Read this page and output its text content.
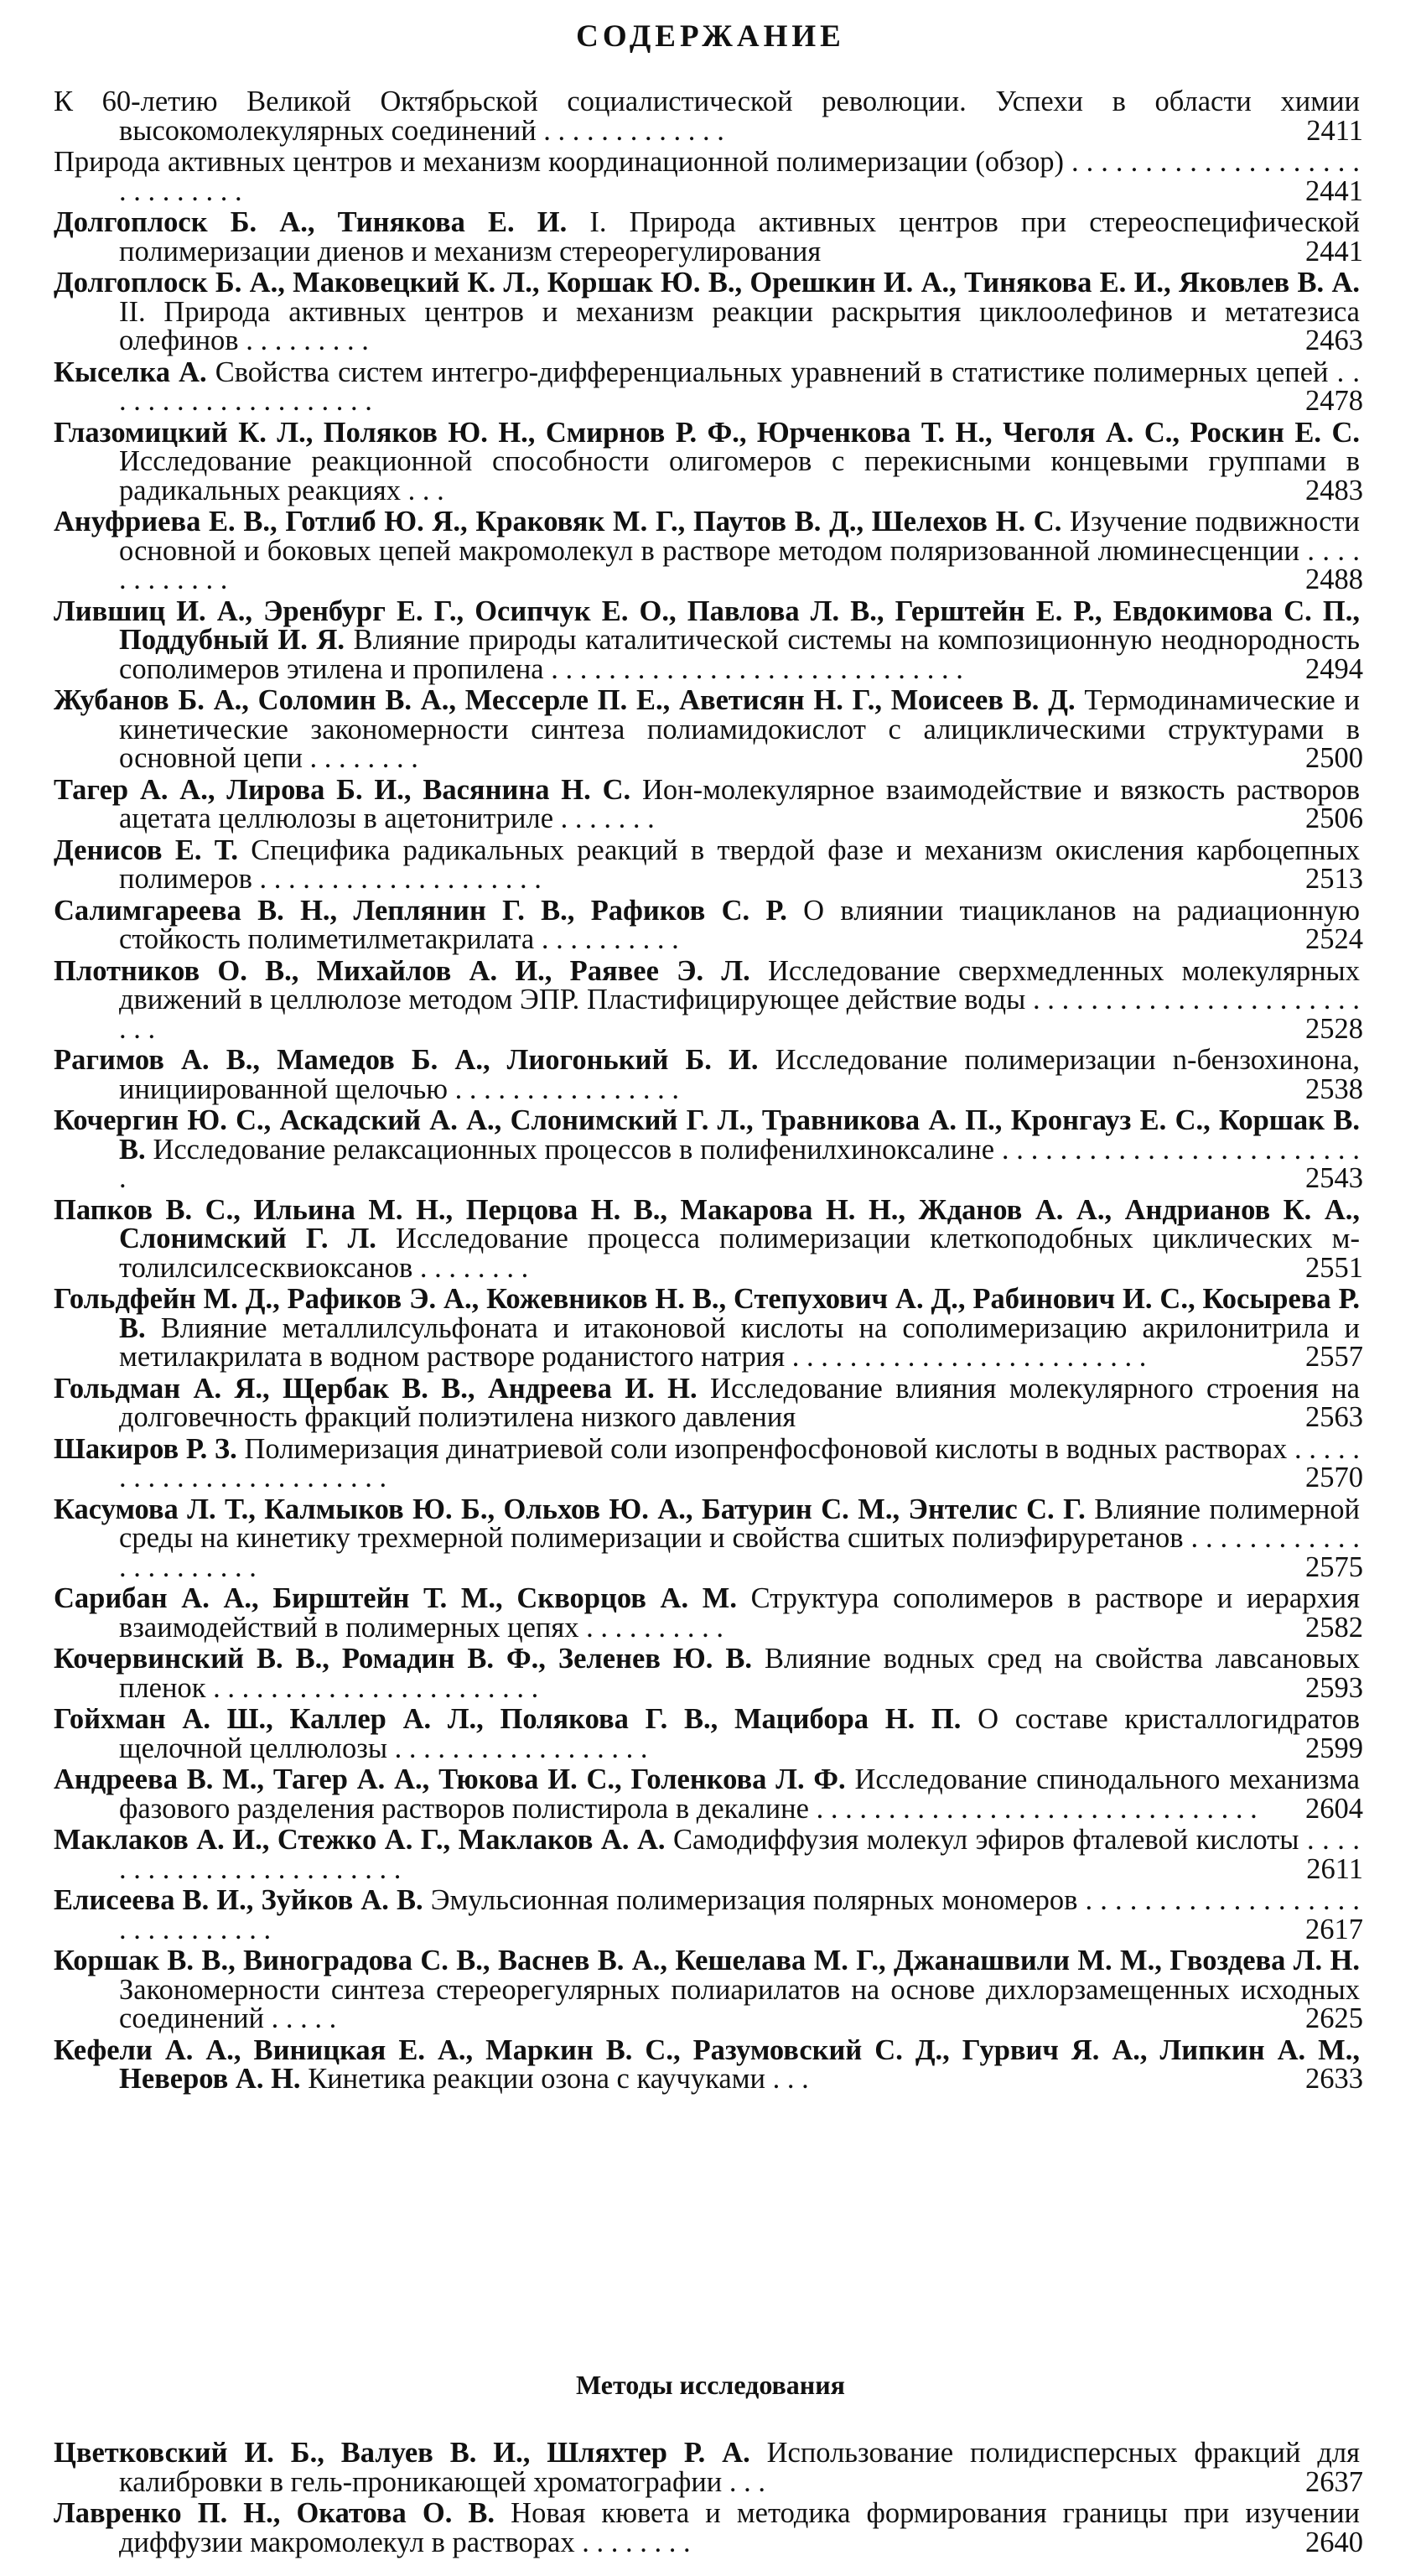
СОДЕРЖАНИЕ
К 60-летию Великой Октябрьской социалистической революции. Успехи в области химии высокомолекулярных соединений . . . . . . . . . . . . .	2411
Природа активных центров и механизм координационной полимеризации (обзор) . . . . . . . . . . . . . . . . . . . . . . . . . . . . .	2441
Долгоплоск Б. А., Тинякова Е. И. I. Природа активных центров при стереоспецифической полимеризации диенов и механизм стереорегулирования	2441
Долгоплоск Б. А., Маковецкий К. Л., Коршак Ю. В., Орешкин И. А., Тинякова Е. И., Яковлев В. А. II. Природа активных центров и механизм реакции раскрытия циклоолефинов и метатезиса олефинов . . . . . . . . .	2463
Кыселка А. Свойства систем интегро-дифференциальных уравнений в статистике полимерных цепей . . . . . . . . . . . . . . . . . . . .	2478
Глазомицкий К. Л., Поляков Ю. Н., Смирнов Р. Ф., Юрченкова Т. Н., Чеголя А. С., Роскин Е. С. Исследование реакционной способности олигомеров с перекисными концевыми группами в радикальных реакциях . . .	2483
Ануфриева Е. В., Готлиб Ю. Я., Краковяк М. Г., Паутов В. Д., Шелехов Н. С. Изучение подвижности основной и боковых цепей макромолекул в растворе методом поляризованной люминесценции . . . . . . . . . . . .	2488
Лившиц И. А., Эренбург Е. Г., Осипчук Е. О., Павлова Л. В., Герштейн Е. Р., Евдокимова С. П., Поддубный И. Я. Влияние природы каталитической системы на композиционную неоднородность сополимеров этилена и пропилена . . . . . . . . . . . . . . . . . . . . . . . . . . . . .	2494
Жубанов Б. А., Соломин В. А., Мессерле П. Е., Аветисян Н. Г., Моисеев В. Д. Термодинамические и кинетические закономерности синтеза полиамидокислот с алициклическими структурами в основной цепи . . . . . . . .	2500
Тагер А. А., Лирова Б. И., Васянина Н. С. Ион-молекулярное взаимодействие и вязкость растворов ацетата целлюлозы в ацетонитриле . . . . . . .	2506
Денисов Е. Т. Специфика радикальных реакций в твердой фазе и механизм окисления карбоцепных полимеров . . . . . . . . . . . . . . . . . . . .	2513
Салимгареева В. Н., Леплянин Г. В., Рафиков С. Р. О влиянии тиацикланов на радиационную стойкость полиметилметакрилата . . . . . . . . . .	2524
Плотников О. В., Михайлов А. И., Раявее Э. Л. Исследование сверхмедленных молекулярных движений в целлюлозе методом ЭПР. Пластифицирующее действие воды . . . . . . . . . . . . . . . . . . . . . . . . . .	2528
Рагимов А. В., Мамедов Б. А., Лиогонький Б. И. Исследование полимеризации n-бензохинона, инициированной щелочью . . . . . . . . . . . . . . . .	2538
Кочергин Ю. С., Аскадский А. А., Слонимский Г. Л., Травникова А. П., Кронгауз Е. С., Коршак В. В. Исследование релаксационных процессов в полифенилхиноксалине . . . . . . . . . . . . . . . . . . . . . . . . . .	2543
Папков В. С., Ильина М. Н., Перцова Н. В., Макарова Н. Н., Жданов А. А., Андрианов К. А., Слонимский Г. Л. Исследование процесса полимеризации клеткоподобных циклических м-толилсилсесквиоксанов . . . . . . . .	2551
Гольдфейн М. Д., Рафиков Э. А., Кожевников Н. В., Степухович А. Д., Рабинович И. С., Косырева Р. В. Влияние металлилсульфоната и итаконовой кислоты на сополимеризацию акрилонитрила и метилакрилата в водном растворе роданистого натрия . . . . . . . . . . . . . . . . . . . . . . . . .	2557
Гольдман А. Я., Щербак В. В., Андреева И. Н. Исследование влияния молекулярного строения на долговечность фракций полиэтилена низкого давления	2563
Шакиров Р. З. Полимеризация динатриевой соли изопренфосфоновой кислоты в водных растворах . . . . . . . . . . . . . . . . . . . . . . . .	2570
Касумова Л. Т., Калмыков Ю. Б., Ольхов Ю. А., Батурин С. М., Энтелис С. Г. Влияние полимерной среды на кинетику трехмерной полимеризации и свойства сшитых полиэфируретанов . . . . . . . . . . . . . . . . . . . . . .	2575
Сарибан А. А., Бирштейн Т. М., Скворцов А. М. Структура сополимеров в растворе и иерархия взаимодействий в полимерных цепях . . . . . . . . . .	2582
Кочервинский В. В., Ромадин В. Ф., Зеленев Ю. В. Влияние водных сред на свойства лавсановых пленок . . . . . . . . . . . . . . . . . . . . . . .	2593
Гойхман А. Ш., Каллер А. Л., Полякова Г. В., Мацибора Н. П. О составе кристаллогидратов щелочной целлюлозы . . . . . . . . . . . . . . . . . .	2599
Андреева В. М., Тагер А. А., Тюкова И. С., Голенкова Л. Ф. Исследование спинодального механизма фазового разделения растворов полистирола в декалине . . . . . . . . . . . . . . . . . . . . . . . . . . . . . . .	2604
Маклаков А. И., Стежко А. Г., Маклаков А. А. Самодиффузия молекул эфиров фталевой кислоты . . . . . . . . . . . . . . . . . . . . . . . .	2611
Елисеева В. И., Зуйков А. В. Эмульсионная полимеризация полярных мономеров . . . . . . . . . . . . . . . . . . . . . . . . . . . . . .	2617
Коршак В. В., Виноградова С. В., Васнев В. А., Кешелава М. Г., Джанашвили М. М., Гвоздева Л. Н. Закономерности синтеза стереорегулярных полиарилатов на основе дихлорзамещенных исходных соединений . . . . .	2625
Кефели А. А., Виницкая Е. А., Маркин В. С., Разумовский С. Д., Гурвич Я. А., Липкин А. М., Неверов А. Н. Кинетика реакции озона с каучуками . . .	2633
Методы исследования
Цветковский И. Б., Валуев В. И., Шляхтер Р. А. Использование полидисперсных фракций для калибровки в гель-проникающей хроматографии . . .	2637
Лавренко П. Н., Окатова О. В. Новая кювета и методика формирования границы при изучении диффузии макромолекул в растворах . . . . . . . .	2640
